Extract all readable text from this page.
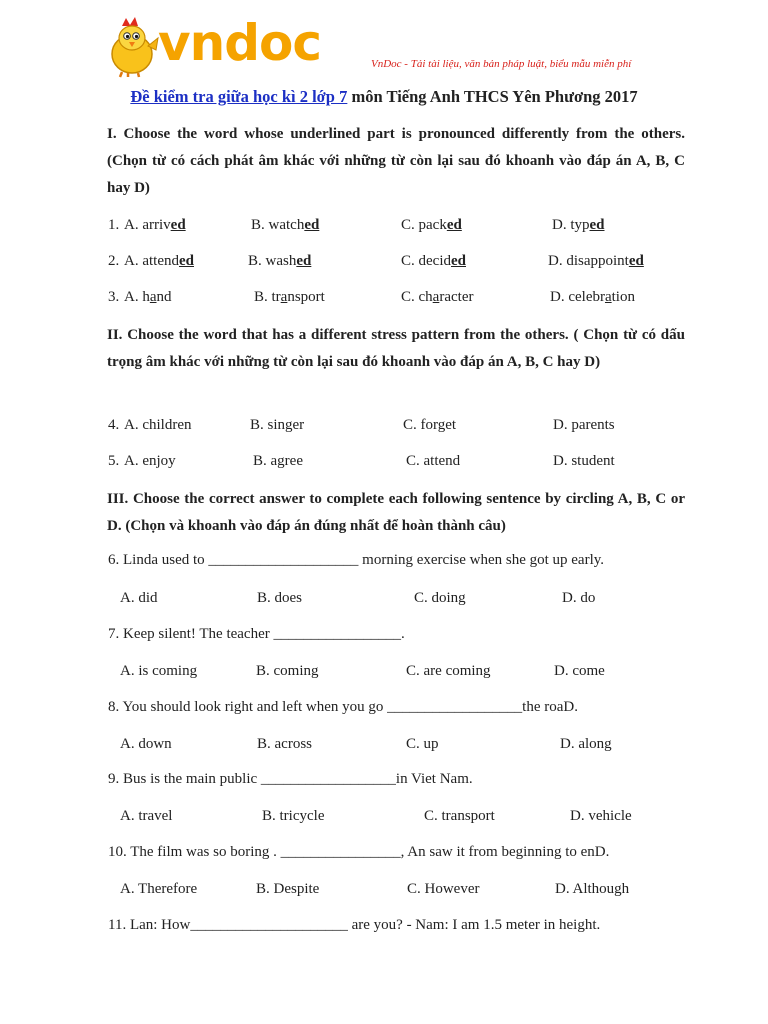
vndoc	VnDoc - Tải tài liệu, văn bản pháp luật, biểu mẫu miễn phí
Đề kiểm tra giữa học kì 2 lớp 7 môn Tiếng Anh THCS Yên Phương 2017
I. Choose the word whose underlined part is pronounced differently from the others. (Chọn từ có cách phát âm khác với những từ còn lại sau đó khoanh vào đáp án A, B, C hay D)
1. A. arrived	B. watched	C. packed	D. typed
2. A. attended	B. washed	C. decided	D. disappointed
3. A. hand	B. transport	C. character	D. celebration
II. Choose the word that has a different stress pattern from the others. ( Chọn từ có dấu trọng âm khác với những từ còn lại sau đó khoanh vào đáp án A, B, C hay D)
4. A. children	B. singer	C. forget	D. parents
5. A. enjoy	B. agree	C. attend	D. student
III. Choose the correct answer to complete each following sentence by circling A, B, C or D. (Chọn và khoanh vào đáp án đúng nhất để hoàn thành câu)
6. Linda used to ____________________ morning exercise when she got up early.
A. did	B. does	C. doing	D. do
7. Keep silent! The teacher _________________.
A. is coming	B. coming	C. are coming	D. come
8. You should look right and left when you go __________________the roaD.
A. down	B. across	C. up	D. along
9. Bus is the main public __________________in Viet Nam.
A. travel	B. tricycle	C. transport	D. vehicle
10. The film was so boring . ________________, An saw it from beginning to enD.
A. Therefore	B. Despite	C. However	D. Although
11. Lan: How_____________________ are you? - Nam: I am 1.5 meter in height.
